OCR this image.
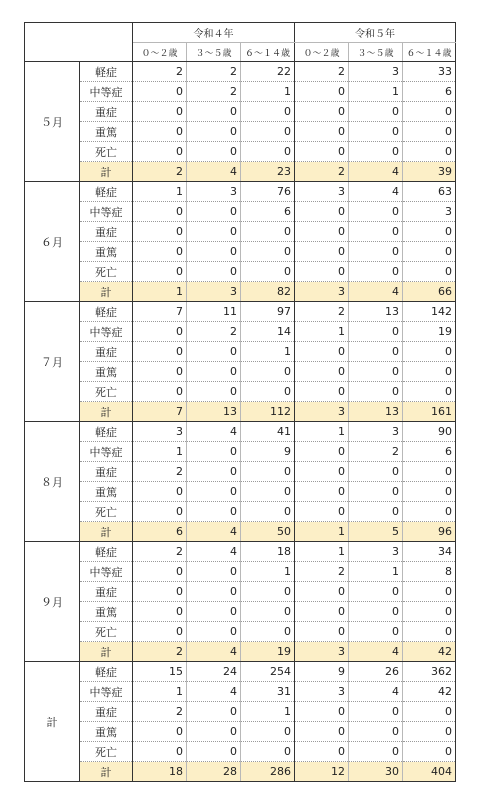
		令和４年			令和５年		
		０～２歳	３～５歳	６～１４歳	０～２歳	３～５歳	６～１４歳
５月	軽症	2	2	22	2	3	33
	中等症	0	2	1	0	1	6
	重症	0	0	0	0	0	0
	重篤	0	0	0	0	0	0
	死亡	0	0	0	0	0	0
	計	2	4	23	2	4	39
６月	軽症	1	3	76	3	4	63
	中等症	0	0	6	0	0	3
	重症	0	0	0	0	0	0
	重篤	0	0	0	0	0	0
	死亡	0	0	0	0	0	0
	計	1	3	82	3	4	66
７月	軽症	7	11	97	2	13	142
	中等症	0	2	14	1	0	19
	重症	0	0	1	0	0	0
	重篤	0	0	0	0	0	0
	死亡	0	0	0	0	0	0
	計	7	13	112	3	13	161
８月	軽症	3	4	41	1	3	90
	中等症	1	0	9	0	2	6
	重症	2	0	0	0	0	0
	重篤	0	0	0	0	0	0
	死亡	0	0	0	0	0	0
	計	6	4	50	1	5	96
９月	軽症	2	4	18	1	3	34
	中等症	0	0	1	2	1	8
	重症	0	0	0	0	0	0
	重篤	0	0	0	0	0	0
	死亡	0	0	0	0	0	0
	計	2	4	19	3	4	42
計	軽症	15	24	254	9	26	362
	中等症	1	4	31	3	4	42
	重症	2	0	1	0	0	0
	重篤	0	0	0	0	0	0
	死亡	0	0	0	0	0	0
	計	18	28	286	12	30	404
